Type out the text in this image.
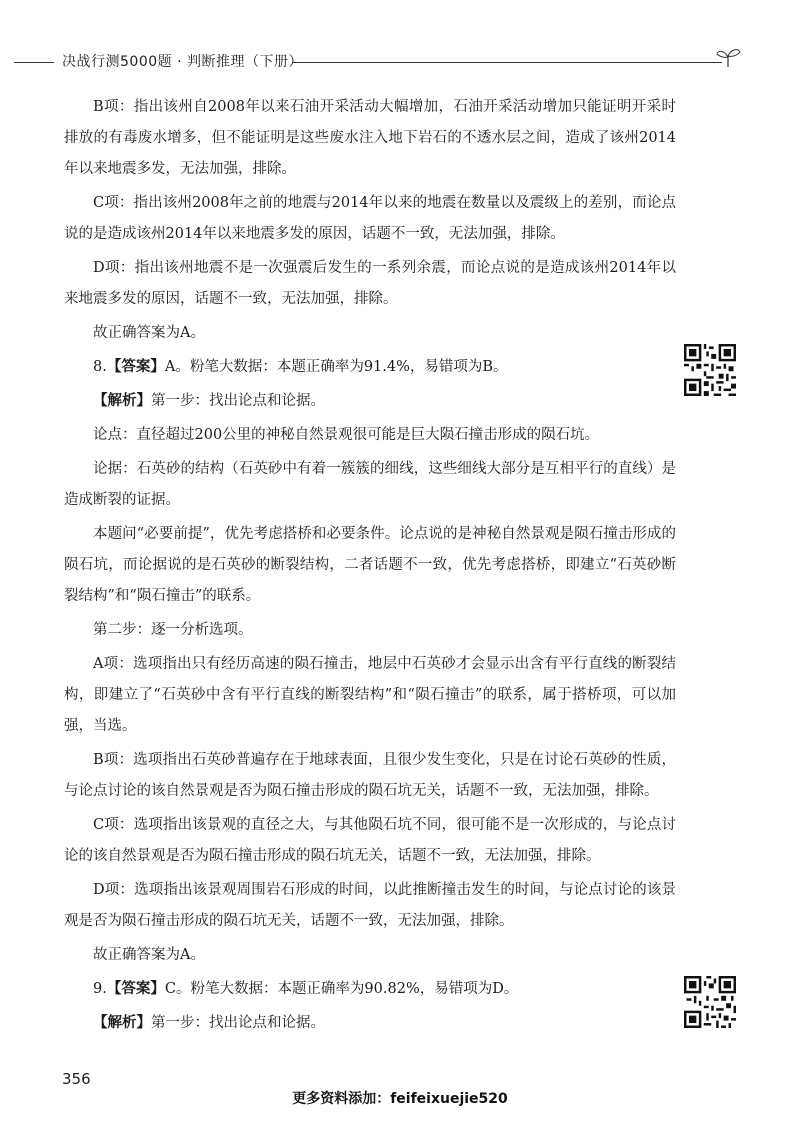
决战行测5000题 · 判断推理（下册）

B项：指出该州自2008年以来石油开采活动大幅增加，石油开采活动增加只能证明开采时排放的有毒废水增多，但不能证明是这些废水注入地下岩石的不透水层之间，造成了该州2014年以来地震多发，无法加强，排除。

C项：指出该州2008年之前的地震与2014年以来的地震在数量以及震级上的差别，而论点说的是造成该州2014年以来地震多发的原因，话题不一致，无法加强，排除。

D项：指出该州地震不是一次强震后发生的一系列余震，而论点说的是造成该州2014年以来地震多发的原因，话题不一致，无法加强，排除。

故正确答案为A。

8.【答案】A。粉笔大数据：本题正确率为91.4%，易错项为B。

【解析】第一步：找出论点和论据。

论点：直径超过200公里的神秘自然景观很可能是巨大陨石撞击形成的陨石坑。

论据：石英砂的结构（石英砂中有着一簇簇的细线，这些细线大部分是互相平行的直线）是造成断裂的证据。

本题问“必要前提”，优先考虑搭桥和必要条件。论点说的是神秘自然景观是陨石撞击形成的陨石坑，而论据说的是石英砂的断裂结构，二者话题不一致，优先考虑搭桥，即建立“石英砂断裂结构”和“陨石撞击”的联系。

第二步：逐一分析选项。

A项：选项指出只有经历高速的陨石撞击，地层中石英砂才会显示出含有平行直线的断裂结构，即建立了“石英砂中含有平行直线的断裂结构”和“陨石撞击”的联系，属于搭桥项，可以加强，当选。

B项：选项指出石英砂普遍存在于地球表面，且很少发生变化，只是在讨论石英砂的性质，与论点讨论的该自然景观是否为陨石撞击形成的陨石坑无关，话题不一致，无法加强，排除。

C项：选项指出该景观的直径之大，与其他陨石坑不同，很可能不是一次形成的，与论点讨论的该自然景观是否为陨石撞击形成的陨石坑无关，话题不一致，无法加强，排除。

D项：选项指出该景观周围岩石形成的时间，以此推断撞击发生的时间，与论点讨论的该景观是否为陨石撞击形成的陨石坑无关，话题不一致，无法加强，排除。

故正确答案为A。

9.【答案】C。粉笔大数据：本题正确率为90.82%，易错项为D。

【解析】第一步：找出论点和论据。

356
更多资料添加：feifeixuejie520
